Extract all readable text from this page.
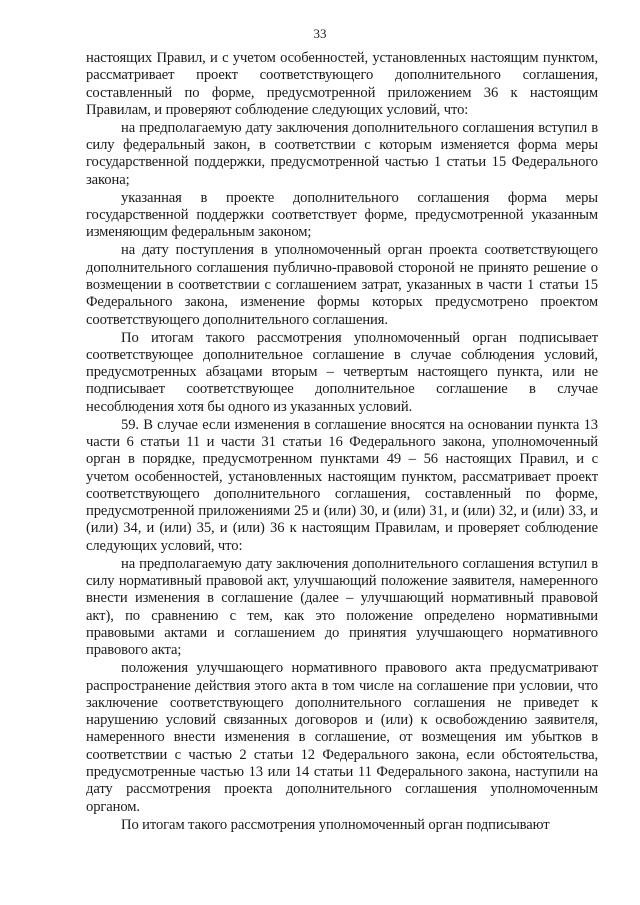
33

настоящих Правил, и с учетом особенностей, установленных настоящим пунктом, рассматривает проект соответствующего дополнительного соглашения, составленный по форме, предусмотренной приложением 36 к настоящим Правилам, и проверяют соблюдение следующих условий, что:

на предполагаемую дату заключения дополнительного соглашения вступил в силу федеральный закон, в соответствии с которым изменяется форма меры государственной поддержки, предусмотренной частью 1 статьи 15 Федерального закона;

указанная в проекте дополнительного соглашения форма меры государственной поддержки соответствует форме, предусмотренной указанным изменяющим федеральным законом;

на дату поступления в уполномоченный орган проекта соответствующего дополнительного соглашения публично-правовой стороной не принято решение о возмещении в соответствии с соглашением затрат, указанных в части 1 статьи 15 Федерального закона, изменение формы которых предусмотрено проектом соответствующего дополнительного соглашения.

По итогам такого рассмотрения уполномоченный орган подписывает соответствующее дополнительное соглашение в случае соблюдения условий, предусмотренных абзацами вторым – четвертым настоящего пункта, или не подписывает соответствующее дополнительное соглашение в случае несоблюдения хотя бы одного из указанных условий.

59. В случае если изменения в соглашение вносятся на основании пункта 13 части 6 статьи 11 и части 31 статьи 16 Федерального закона, уполномоченный орган в порядке, предусмотренном пунктами 49 – 56 настоящих Правил, и с учетом особенностей, установленных настоящим пунктом, рассматривает проект соответствующего дополнительного соглашения, составленный по форме, предусмотренной приложениями 25 и (или) 30, и (или) 31, и (или) 32, и (или) 33, и (или) 34, и (или) 35, и (или) 36 к настоящим Правилам, и проверяет соблюдение следующих условий, что:

на предполагаемую дату заключения дополнительного соглашения вступил в силу нормативный правовой акт, улучшающий положение заявителя, намеренного внести изменения в соглашение (далее – улучшающий нормативный правовой акт), по сравнению с тем, как это положение определено нормативными правовыми актами и соглашением до принятия улучшающего нормативного правового акта;

положения улучшающего нормативного правового акта предусматривают распространение действия этого акта в том числе на соглашение при условии, что заключение соответствующего дополнительного соглашения не приведет к нарушению условий связанных договоров и (или) к освобождению заявителя, намеренного внести изменения в соглашение, от возмещения им убытков в соответствии с частью 2 статьи 12 Федерального закона, если обстоятельства, предусмотренные частью 13 или 14 статьи 11 Федерального закона, наступили на дату рассмотрения проекта дополнительного соглашения уполномоченным органом.

По итогам такого рассмотрения уполномоченный орган подписывают
